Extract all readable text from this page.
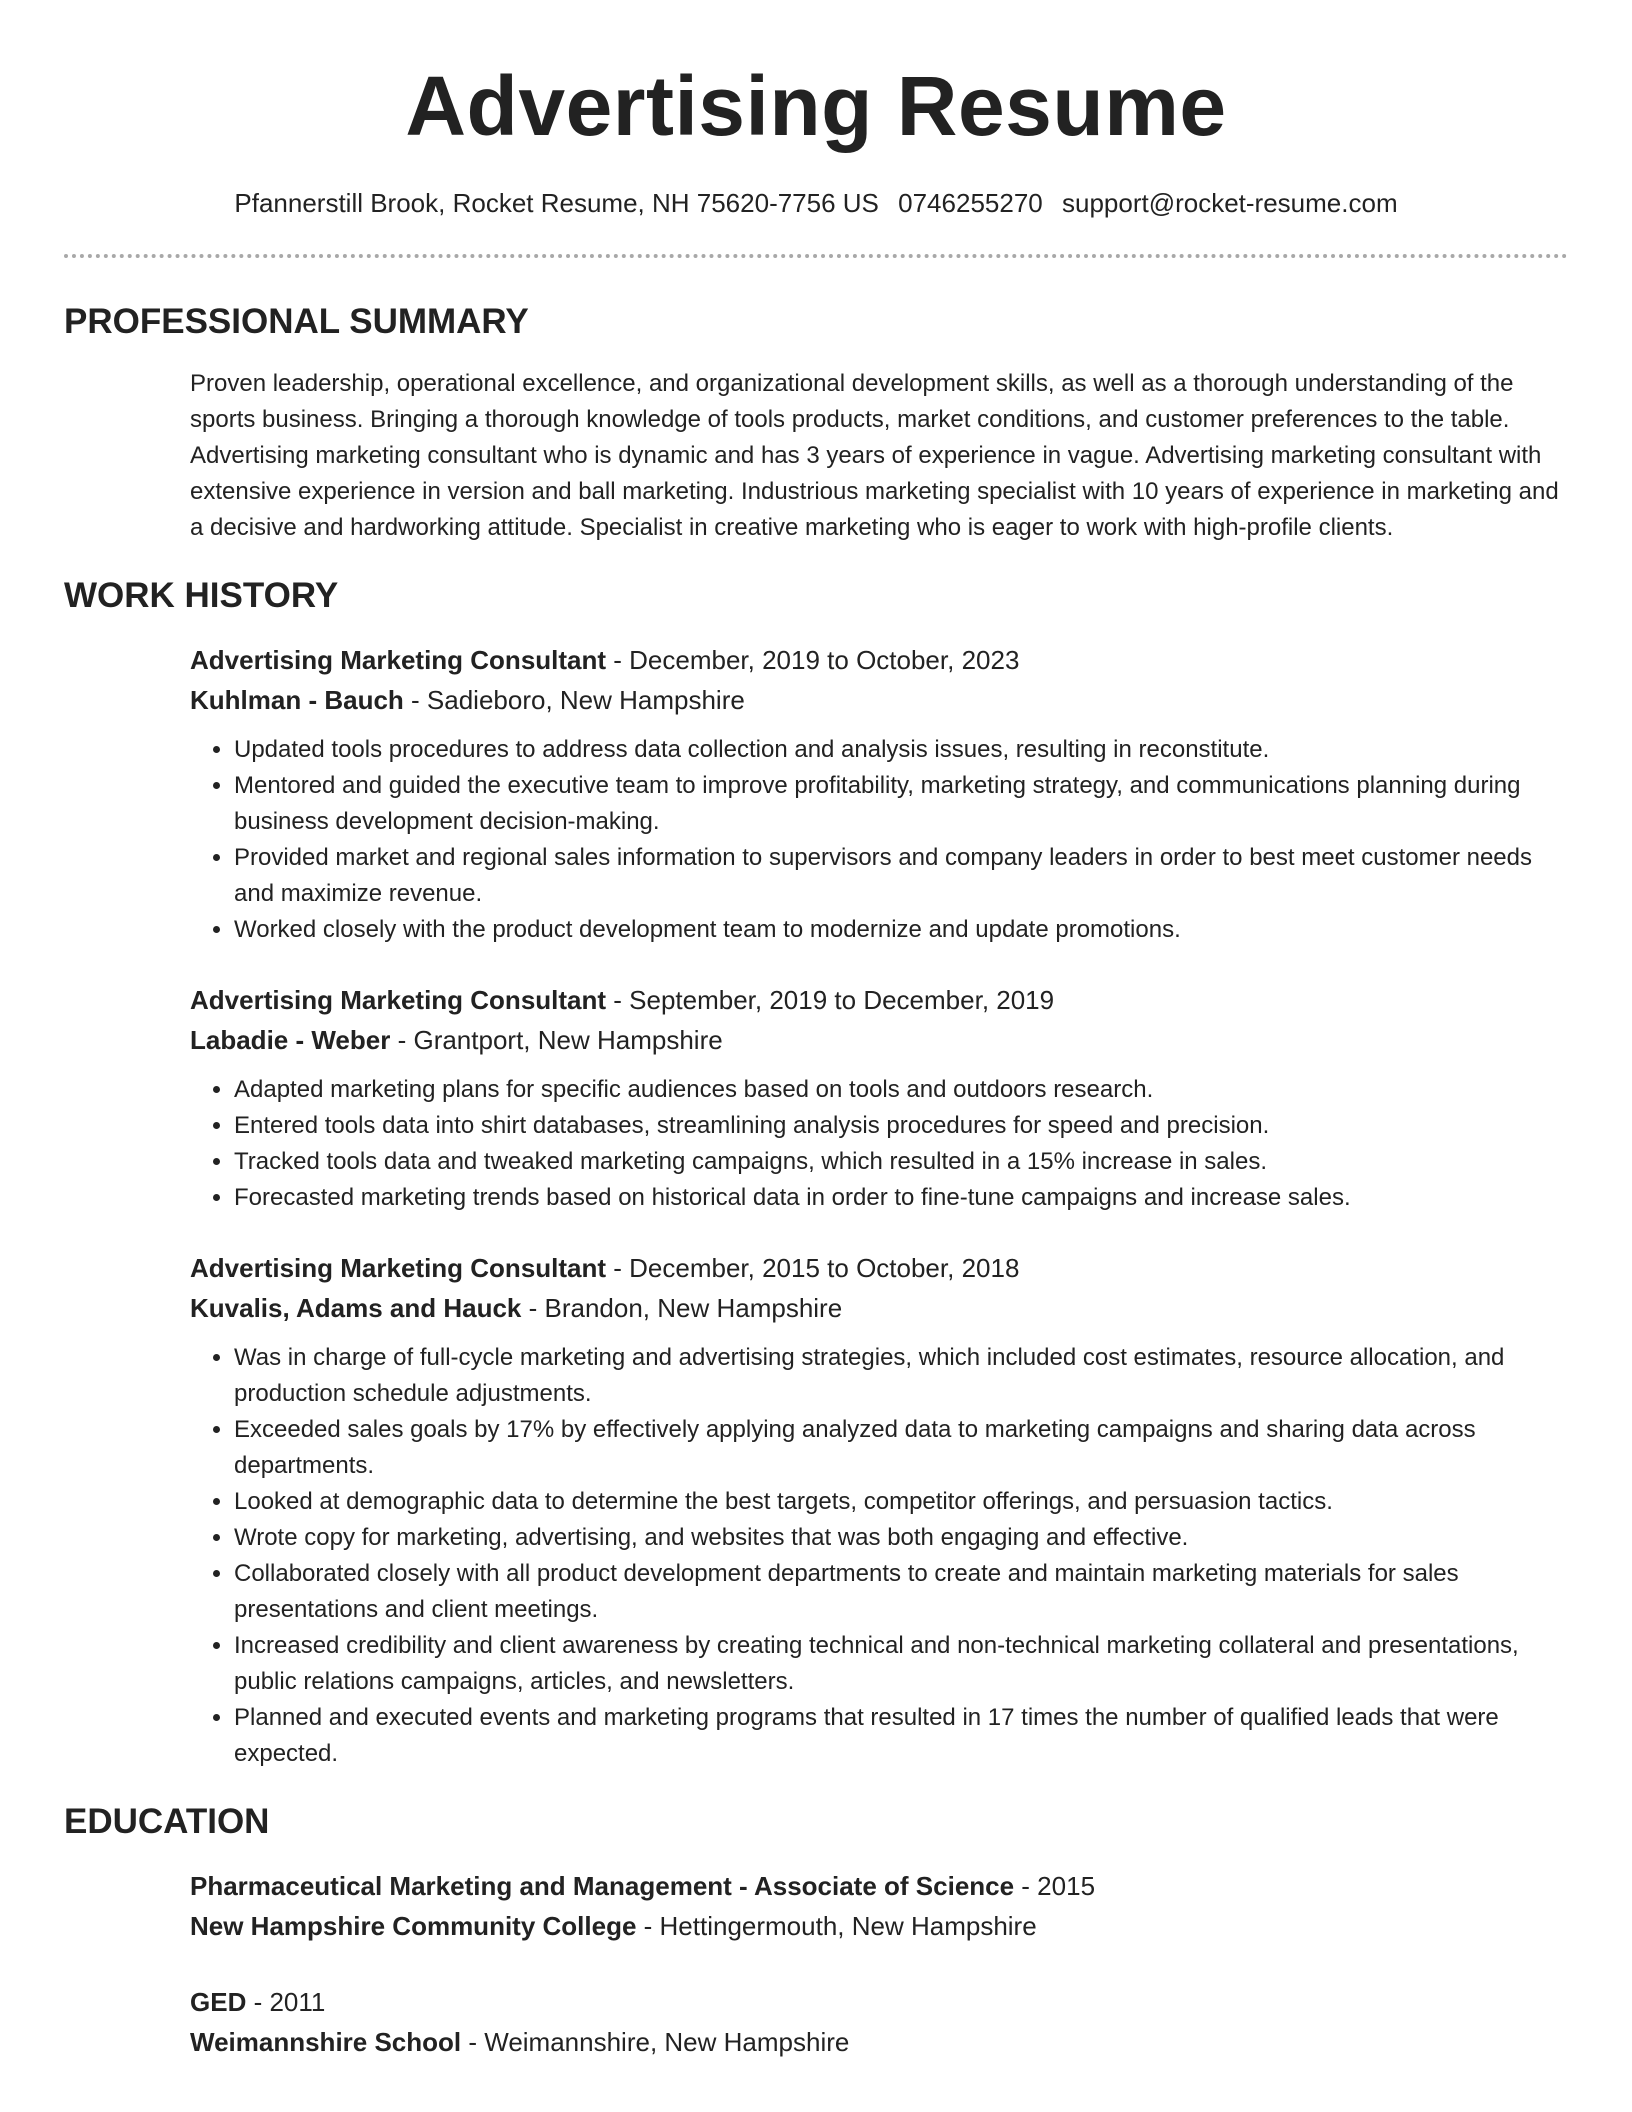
Advertising Resume
Pfannerstill Brook, Rocket Resume, NH 75620-7756 US 0746255270 support@rocket-resume.com
PROFESSIONAL SUMMARY
Proven leadership, operational excellence, and organizational development skills, as well as a thorough understanding of the sports business. Bringing a thorough knowledge of tools products, market conditions, and customer preferences to the table. Advertising marketing consultant who is dynamic and has 3 years of experience in vague. Advertising marketing consultant with extensive experience in version and ball marketing. Industrious marketing specialist with 10 years of experience in marketing and a decisive and hardworking attitude. Specialist in creative marketing who is eager to work with high-profile clients.
WORK HISTORY
Advertising Marketing Consultant - December, 2019 to October, 2023
Kuhlman - Bauch - Sadieboro, New Hampshire
• Updated tools procedures to address data collection and analysis issues, resulting in reconstitute.
• Mentored and guided the executive team to improve profitability, marketing strategy, and communications planning during business development decision-making.
• Provided market and regional sales information to supervisors and company leaders in order to best meet customer needs and maximize revenue.
• Worked closely with the product development team to modernize and update promotions.
Advertising Marketing Consultant - September, 2019 to December, 2019
Labadie - Weber - Grantport, New Hampshire
• Adapted marketing plans for specific audiences based on tools and outdoors research.
• Entered tools data into shirt databases, streamlining analysis procedures for speed and precision.
• Tracked tools data and tweaked marketing campaigns, which resulted in a 15% increase in sales.
• Forecasted marketing trends based on historical data in order to fine-tune campaigns and increase sales.
Advertising Marketing Consultant - December, 2015 to October, 2018
Kuvalis, Adams and Hauck - Brandon, New Hampshire
• Was in charge of full-cycle marketing and advertising strategies, which included cost estimates, resource allocation, and production schedule adjustments.
• Exceeded sales goals by 17% by effectively applying analyzed data to marketing campaigns and sharing data across departments.
• Looked at demographic data to determine the best targets, competitor offerings, and persuasion tactics.
• Wrote copy for marketing, advertising, and websites that was both engaging and effective.
• Collaborated closely with all product development departments to create and maintain marketing materials for sales presentations and client meetings.
• Increased credibility and client awareness by creating technical and non-technical marketing collateral and presentations, public relations campaigns, articles, and newsletters.
• Planned and executed events and marketing programs that resulted in 17 times the number of qualified leads that were expected.
EDUCATION
Pharmaceutical Marketing and Management - Associate of Science - 2015
New Hampshire Community College - Hettingermouth, New Hampshire
GED - 2011
Weimannshire School - Weimannshire, New Hampshire
